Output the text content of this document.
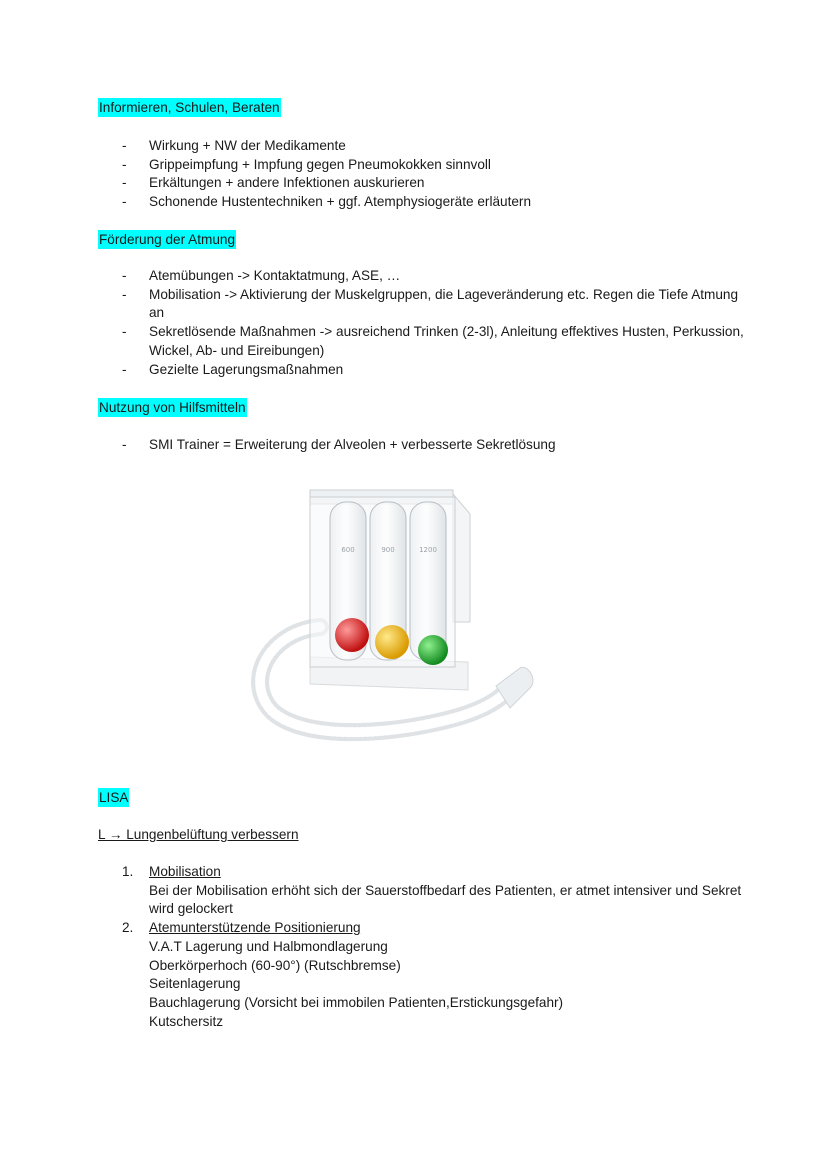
Informieren, Schulen, Beraten
- Wirkung + NW der Medikamente
- Grippeimpfung + Impfung gegen Pneumokokken sinnvoll
- Erkältungen + andere Infektionen auskurieren
- Schonende Hustentechniken + ggf. Atemphysiogeräte erläutern
Förderung der Atmung
- Atemübungen -> Kontaktatmung, ASE, …
- Mobilisation -> Aktivierung der Muskelgruppen, die Lageveränderung etc. Regen die Tiefe Atmung an
- Sekretlösende Maßnahmen -> ausreichend Trinken (2-3l), Anleitung effektives Husten, Perkussion, Wickel, Ab- und Eireibungen)
- Gezielte Lagerungsmaßnahmen
Nutzung von Hilfsmitteln
- SMI Trainer = Erweiterung der Alveolen + verbesserte Sekretlösung
600	900	1200
LISA
L → Lungenbelüftung verbessern
1. Mobilisation
Bei der Mobilisation erhöht sich der Sauerstoffbedarf des Patienten, er atmet intensiver und Sekret wird gelockert
2. Atemunterstützende Positionierung
V.A.T Lagerung und Halbmondlagerung
Oberkörperhoch (60-90°) (Rutschbremse)
Seitenlagerung
Bauchlagerung (Vorsicht bei immobilen Patienten,Erstickungsgefahr)
Kutschersitz
